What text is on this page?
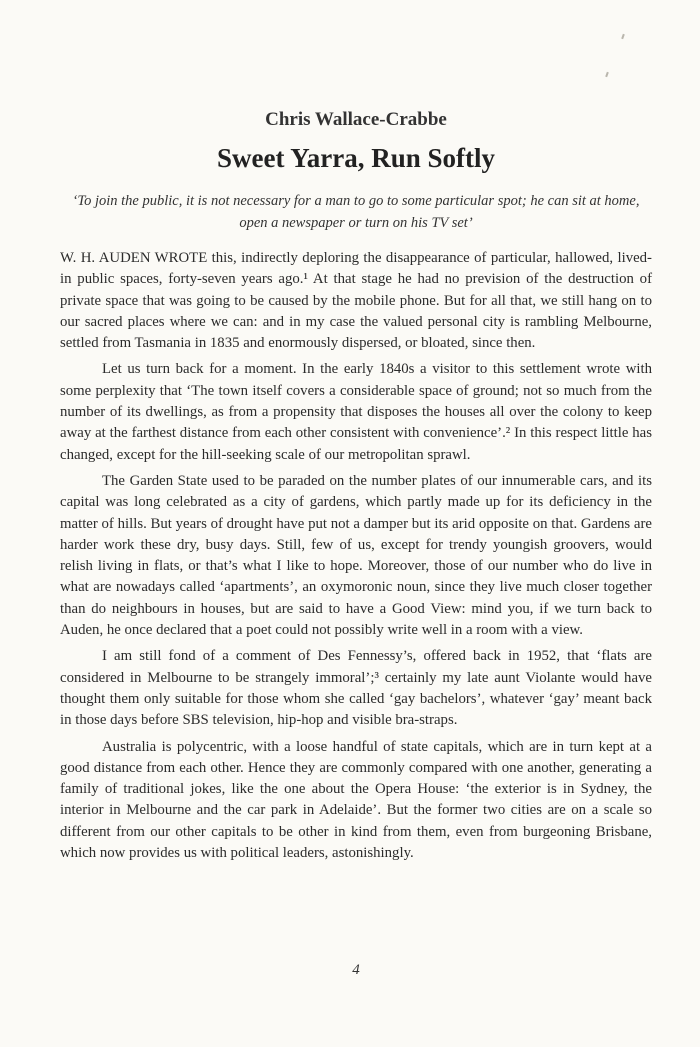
Chris Wallace-Crabbe
Sweet Yarra, Run Softly
‘To join the public, it is not necessary for a man to go to some particular spot; he can sit at home, open a newspaper or turn on his TV set’

W. H. AUDEN WROTE this, indirectly deploring the disappearance of particular, hallowed, lived-in public spaces, forty-seven years ago.¹ At that stage he had no prevision of the destruction of private space that was going to be caused by the mobile phone. But for all that, we still hang on to our sacred places where we can: and in my case the valued personal city is rambling Melbourne, settled from Tasmania in 1835 and enormously dispersed, or bloated, since then.

Let us turn back for a moment. In the early 1840s a visitor to this settlement wrote with some perplexity that ‘The town itself covers a considerable space of ground; not so much from the number of its dwellings, as from a propensity that disposes the houses all over the colony to keep away at the farthest distance from each other consistent with convenience’.² In this respect little has changed, except for the hill-seeking scale of our metropolitan sprawl.

The Garden State used to be paraded on the number plates of our innumerable cars, and its capital was long celebrated as a city of gardens, which partly made up for its deficiency in the matter of hills. But years of drought have put not a damper but its arid opposite on that. Gardens are harder work these dry, busy days. Still, few of us, except for trendy youngish groovers, would relish living in flats, or that’s what I like to hope. Moreover, those of our number who do live in what are nowadays called ‘apartments’, an oxymoronic noun, since they live much closer together than do neighbours in houses, but are said to have a Good View: mind you, if we turn back to Auden, he once declared that a poet could not possibly write well in a room with a view.

I am still fond of a comment of Des Fennessy’s, offered back in 1952, that ‘flats are considered in Melbourne to be strangely immoral’;³ certainly my late aunt Violante would have thought them only suitable for those whom she called ‘gay bachelors’, whatever ‘gay’ meant back in those days before SBS television, hip-hop and visible bra-straps.

Australia is polycentric, with a loose handful of state capitals, which are in turn kept at a good distance from each other. Hence they are commonly compared with one another, generating a family of traditional jokes, like the one about the Opera House: ‘the exterior is in Sydney, the interior in Melbourne and the car park in Adelaide’. But the former two cities are on a scale so different from our other capitals to be other in kind from them, even from burgeoning Brisbane, which now provides us with political leaders, astonishingly.

4
